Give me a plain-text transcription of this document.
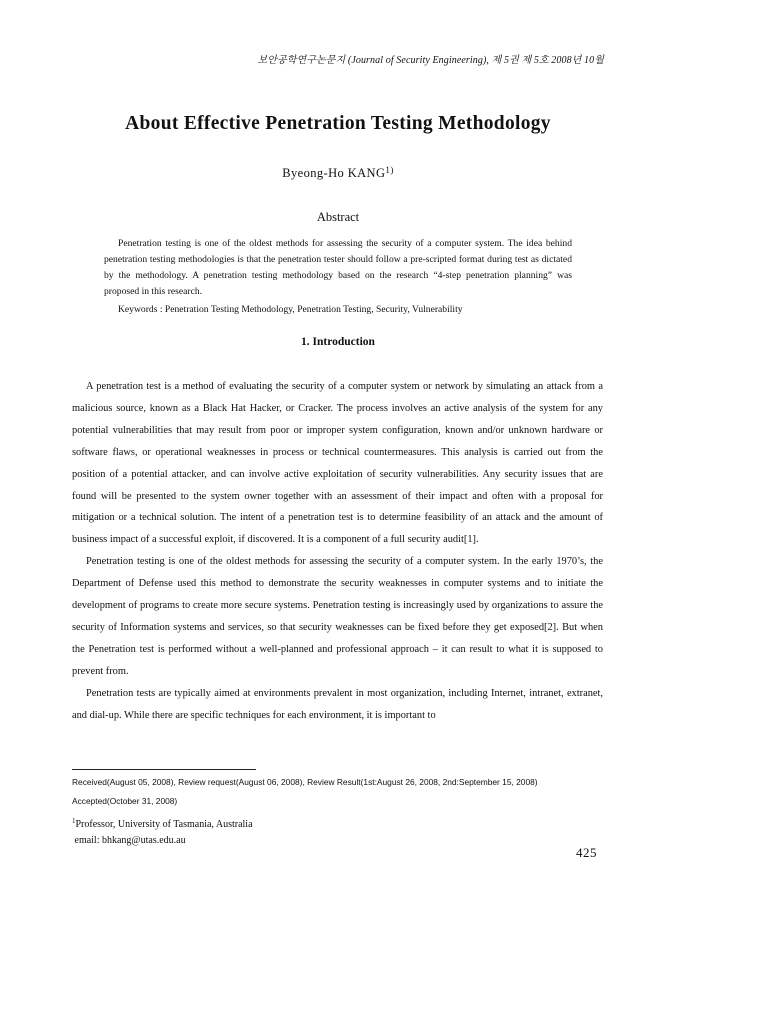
보안공학연구논문지 (Journal of Security Engineering), 제 5권 제 5호 2008년 10월
About Effective Penetration Testing Methodology
Byeong-Ho KANG$^{1)}$
Abstract

Penetration testing is one of the oldest methods for assessing the security of a computer system. The idea behind penetration testing methodologies is that the penetration tester should follow a pre-scripted format during test as dictated by the methodology. A penetration testing methodology based on the research “4-step penetration planning” was proposed in this research.

Keywords : Penetration Testing Methodology, Penetration Testing, Security, Vulnerability
1. Introduction

A penetration test is a method of evaluating the security of a computer system or network by simulating an attack from a malicious source, known as a Black Hat Hacker, or Cracker. The process involves an active analysis of the system for any potential vulnerabilities that may result from poor or improper system configuration, known and/or unknown hardware or software flaws, or operational weaknesses in process or technical countermeasures. This analysis is carried out from the position of a potential attacker, and can involve active exploitation of security vulnerabilities. Any security issues that are found will be presented to the system owner together with an assessment of their impact and often with a proposal for mitigation or a technical solution. The intent of a penetration test is to determine feasibility of an attack and the amount of business impact of a successful exploit, if discovered. It is a component of a full security audit[1].

Penetration testing is one of the oldest methods for assessing the security of a computer system. In the early 1970’s, the Department of Defense used this method to demonstrate the security weaknesses in computer systems and to initiate the development of programs to create more secure systems. Penetration testing is increasingly used by organizations to assure the security of Information systems and services, so that security weaknesses can be fixed before they get exposed[2]. But when the Penetration test is performed without a well-planned and professional approach – it can result to what it is supposed to prevent from.

Penetration tests are typically aimed at environments prevalent in most organization, including Internet, intranet, extranet, and dial-up. While there are specific techniques for each environment, it is important to

Received(August 05, 2008), Review request(August 06, 2008), Review Result(1st:August 26, 2008, 2nd:September 15, 2008)
Accepted(October 31, 2008)
$^1$Professor, University of Tasmania, Australia
email: bhkang@utas.edu.au
425
